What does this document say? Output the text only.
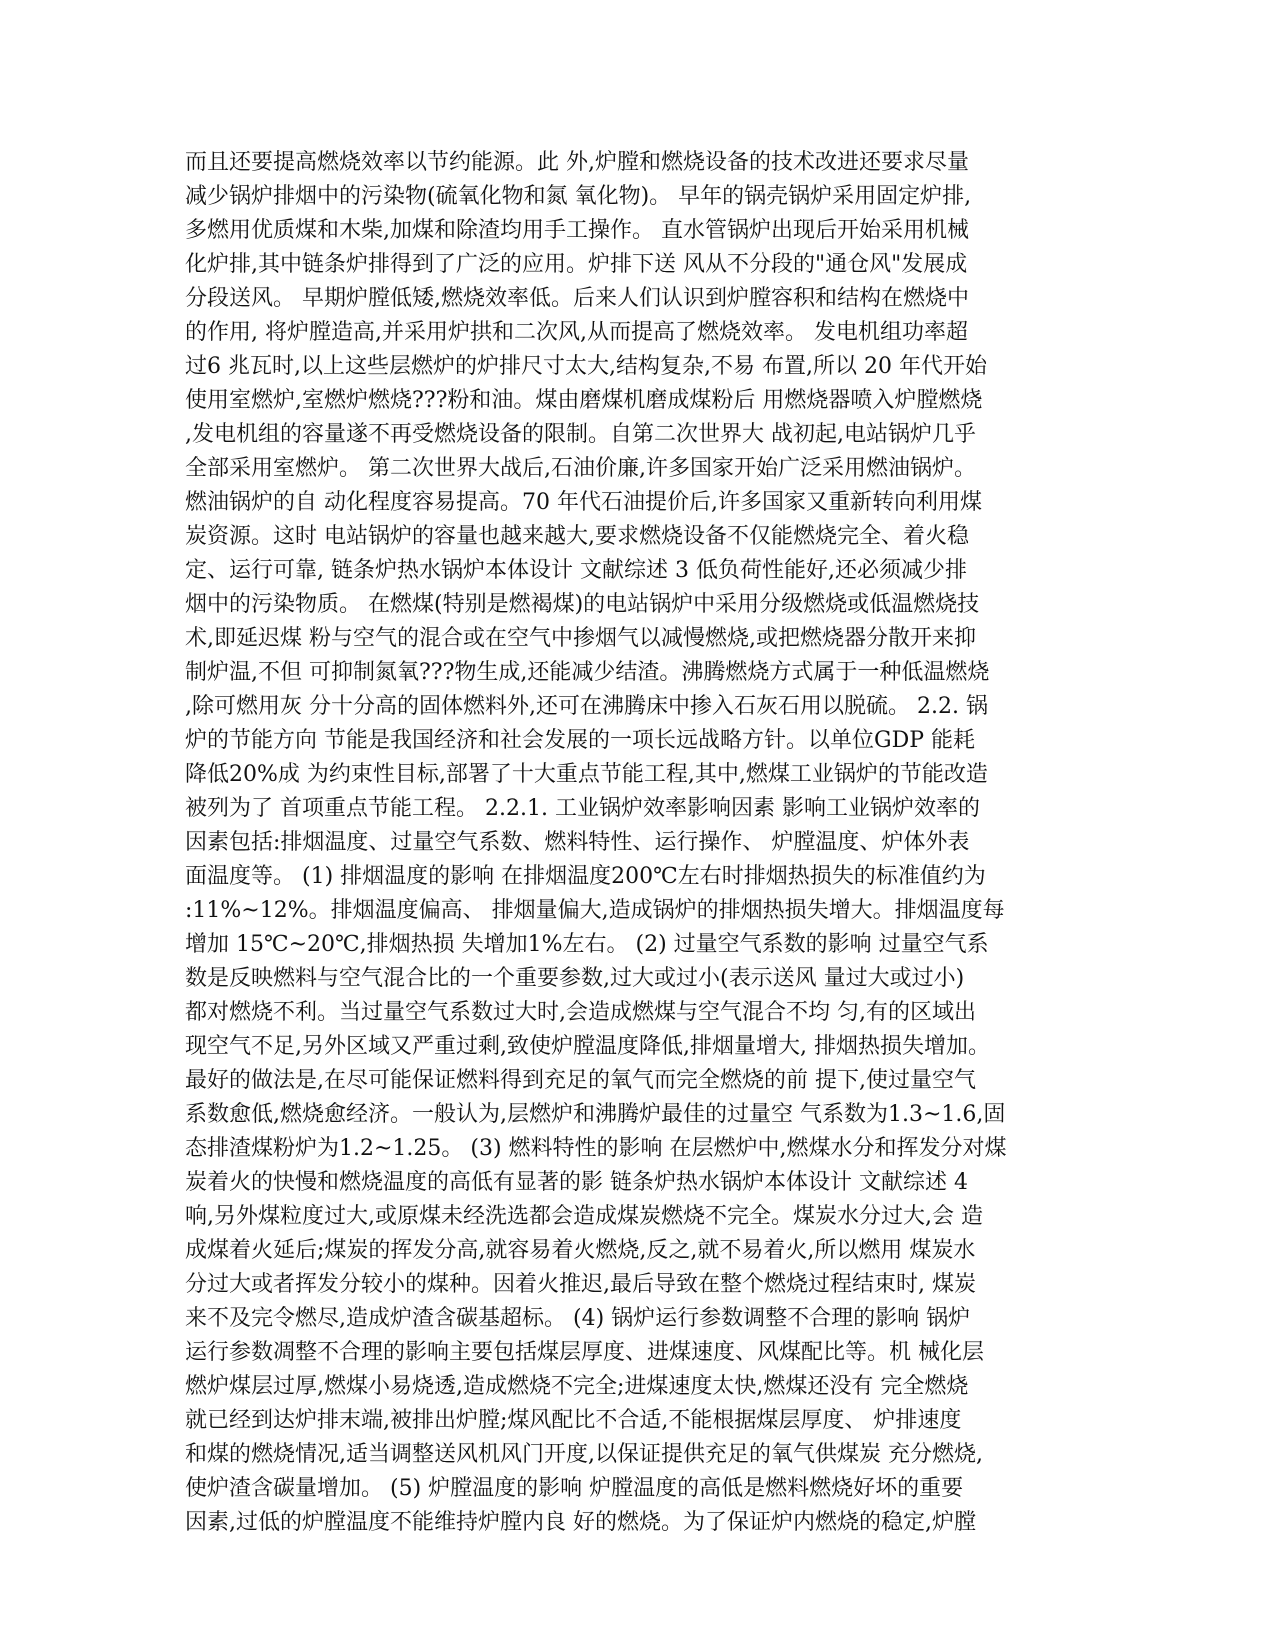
而且还要提高燃烧效率以节约能源。此 外,炉膛和燃烧设备的技术改进还要求尽量
减少锅炉排烟中的污染物(硫氧化物和氮 氧化物)。 早年的锅壳锅炉采用固定炉排,
多燃用优质煤和木柴,加煤和除渣均用手工操作。 直水管锅炉出现后开始采用机械
化炉排,其中链条炉排得到了广泛的应用。炉排下送 风从不分段的"通仓风"发展成
分段送风。 早期炉膛低矮,燃烧效率低。后来人们认识到炉膛容积和结构在燃烧中
的作用, 将炉膛造高,并采用炉拱和二次风,从而提高了燃烧效率。 发电机组功率超
过6 兆瓦时,以上这些层燃炉的炉排尺寸太大,结构复杂,不易 布置,所以 20 年代开始
使用室燃炉,室燃炉燃烧???粉和油。煤由磨煤机磨成煤粉后 用燃烧器喷入炉膛燃烧
,发电机组的容量遂不再受燃烧设备的限制。自第二次世界大 战初起,电站锅炉几乎
全部采用室燃炉。 第二次世界大战后,石油价廉,许多国家开始广泛采用燃油锅炉。
燃油锅炉的自 动化程度容易提高。70 年代石油提价后,许多国家又重新转向利用煤
炭资源。这时 电站锅炉的容量也越来越大,要求燃烧设备不仅能燃烧完全、着火稳
定、运行可靠, 链条炉热水锅炉本体设计 文献综述 3 低负荷性能好,还必须减少排
烟中的污染物质。 在燃煤(特别是燃褐煤)的电站锅炉中采用分级燃烧或低温燃烧技
术,即延迟煤 粉与空气的混合或在空气中掺烟气以减慢燃烧,或把燃烧器分散开来抑
制炉温,不但 可抑制氮氧???物生成,还能减少结渣。沸腾燃烧方式属于一种低温燃烧
,除可燃用灰 分十分高的固体燃料外,还可在沸腾床中掺入石灰石用以脱硫。 2.2. 锅
炉的节能方向 节能是我国经济和社会发展的一项长远战略方针。以单位GDP 能耗
降低20%成 为约束性目标,部署了十大重点节能工程,其中,燃煤工业锅炉的节能改造
被列为了 首项重点节能工程。 2.2.1. 工业锅炉效率影响因素 影响工业锅炉效率的
因素包括:排烟温度、过量空气系数、燃料特性、运行操作、 炉膛温度、炉体外表
面温度等。 (1) 排烟温度的影响 在排烟温度200℃左右时排烟热损失的标准值约为
:11%~12%。排烟温度偏高、 排烟量偏大,造成锅炉的排烟热损失增大。排烟温度每
增加 15℃~20℃,排烟热损 失增加1%左右。 (2) 过量空气系数的影响 过量空气系
数是反映燃料与空气混合比的一个重要参数,过大或过小(表示送风 量过大或过小)
都对燃烧不利。当过量空气系数过大时,会造成燃煤与空气混合不均 匀,有的区域出
现空气不足,另外区域又严重过剩,致使炉膛温度降低,排烟量增大, 排烟热损失增加。
最好的做法是,在尽可能保证燃料得到充足的氧气而完全燃烧的前 提下,使过量空气
系数愈低,燃烧愈经济。一般认为,层燃炉和沸腾炉最佳的过量空 气系数为1.3~1.6,固
态排渣煤粉炉为1.2~1.25。 (3) 燃料特性的影响 在层燃炉中,燃煤水分和挥发分对煤
炭着火的快慢和燃烧温度的高低有显著的影 链条炉热水锅炉本体设计 文献综述 4
响,另外煤粒度过大,或原煤未经洗选都会造成煤炭燃烧不完全。煤炭水分过大,会 造
成煤着火延后;煤炭的挥发分高,就容易着火燃烧,反之,就不易着火,所以燃用 煤炭水
分过大或者挥发分较小的煤种。因着火推迟,最后导致在整个燃烧过程结束时, 煤炭
来不及完令燃尽,造成炉渣含碳基超标。 (4) 锅炉运行参数调整不合理的影响 锅炉
运行参数凋整不合理的影响主要包括煤层厚度、进煤速度、风煤配比等。机 械化层
燃炉煤层过厚,燃煤小易烧透,造成燃烧不完全;进煤速度太快,燃煤还没有 完全燃烧
就已经到达炉排末端,被排出炉膛;煤风配比不合适,不能根据煤层厚度、 炉排速度
和煤的燃烧情况,适当调整送风机风门开度,以保证提供充足的氧气供煤炭 充分燃烧,
使炉渣含碳量增加。 (5) 炉膛温度的影响 炉膛温度的高低是燃料燃烧好坏的重要
因素,过低的炉膛温度不能维持炉膛内良 好的燃烧。为了保证炉内燃烧的稳定,炉膛
